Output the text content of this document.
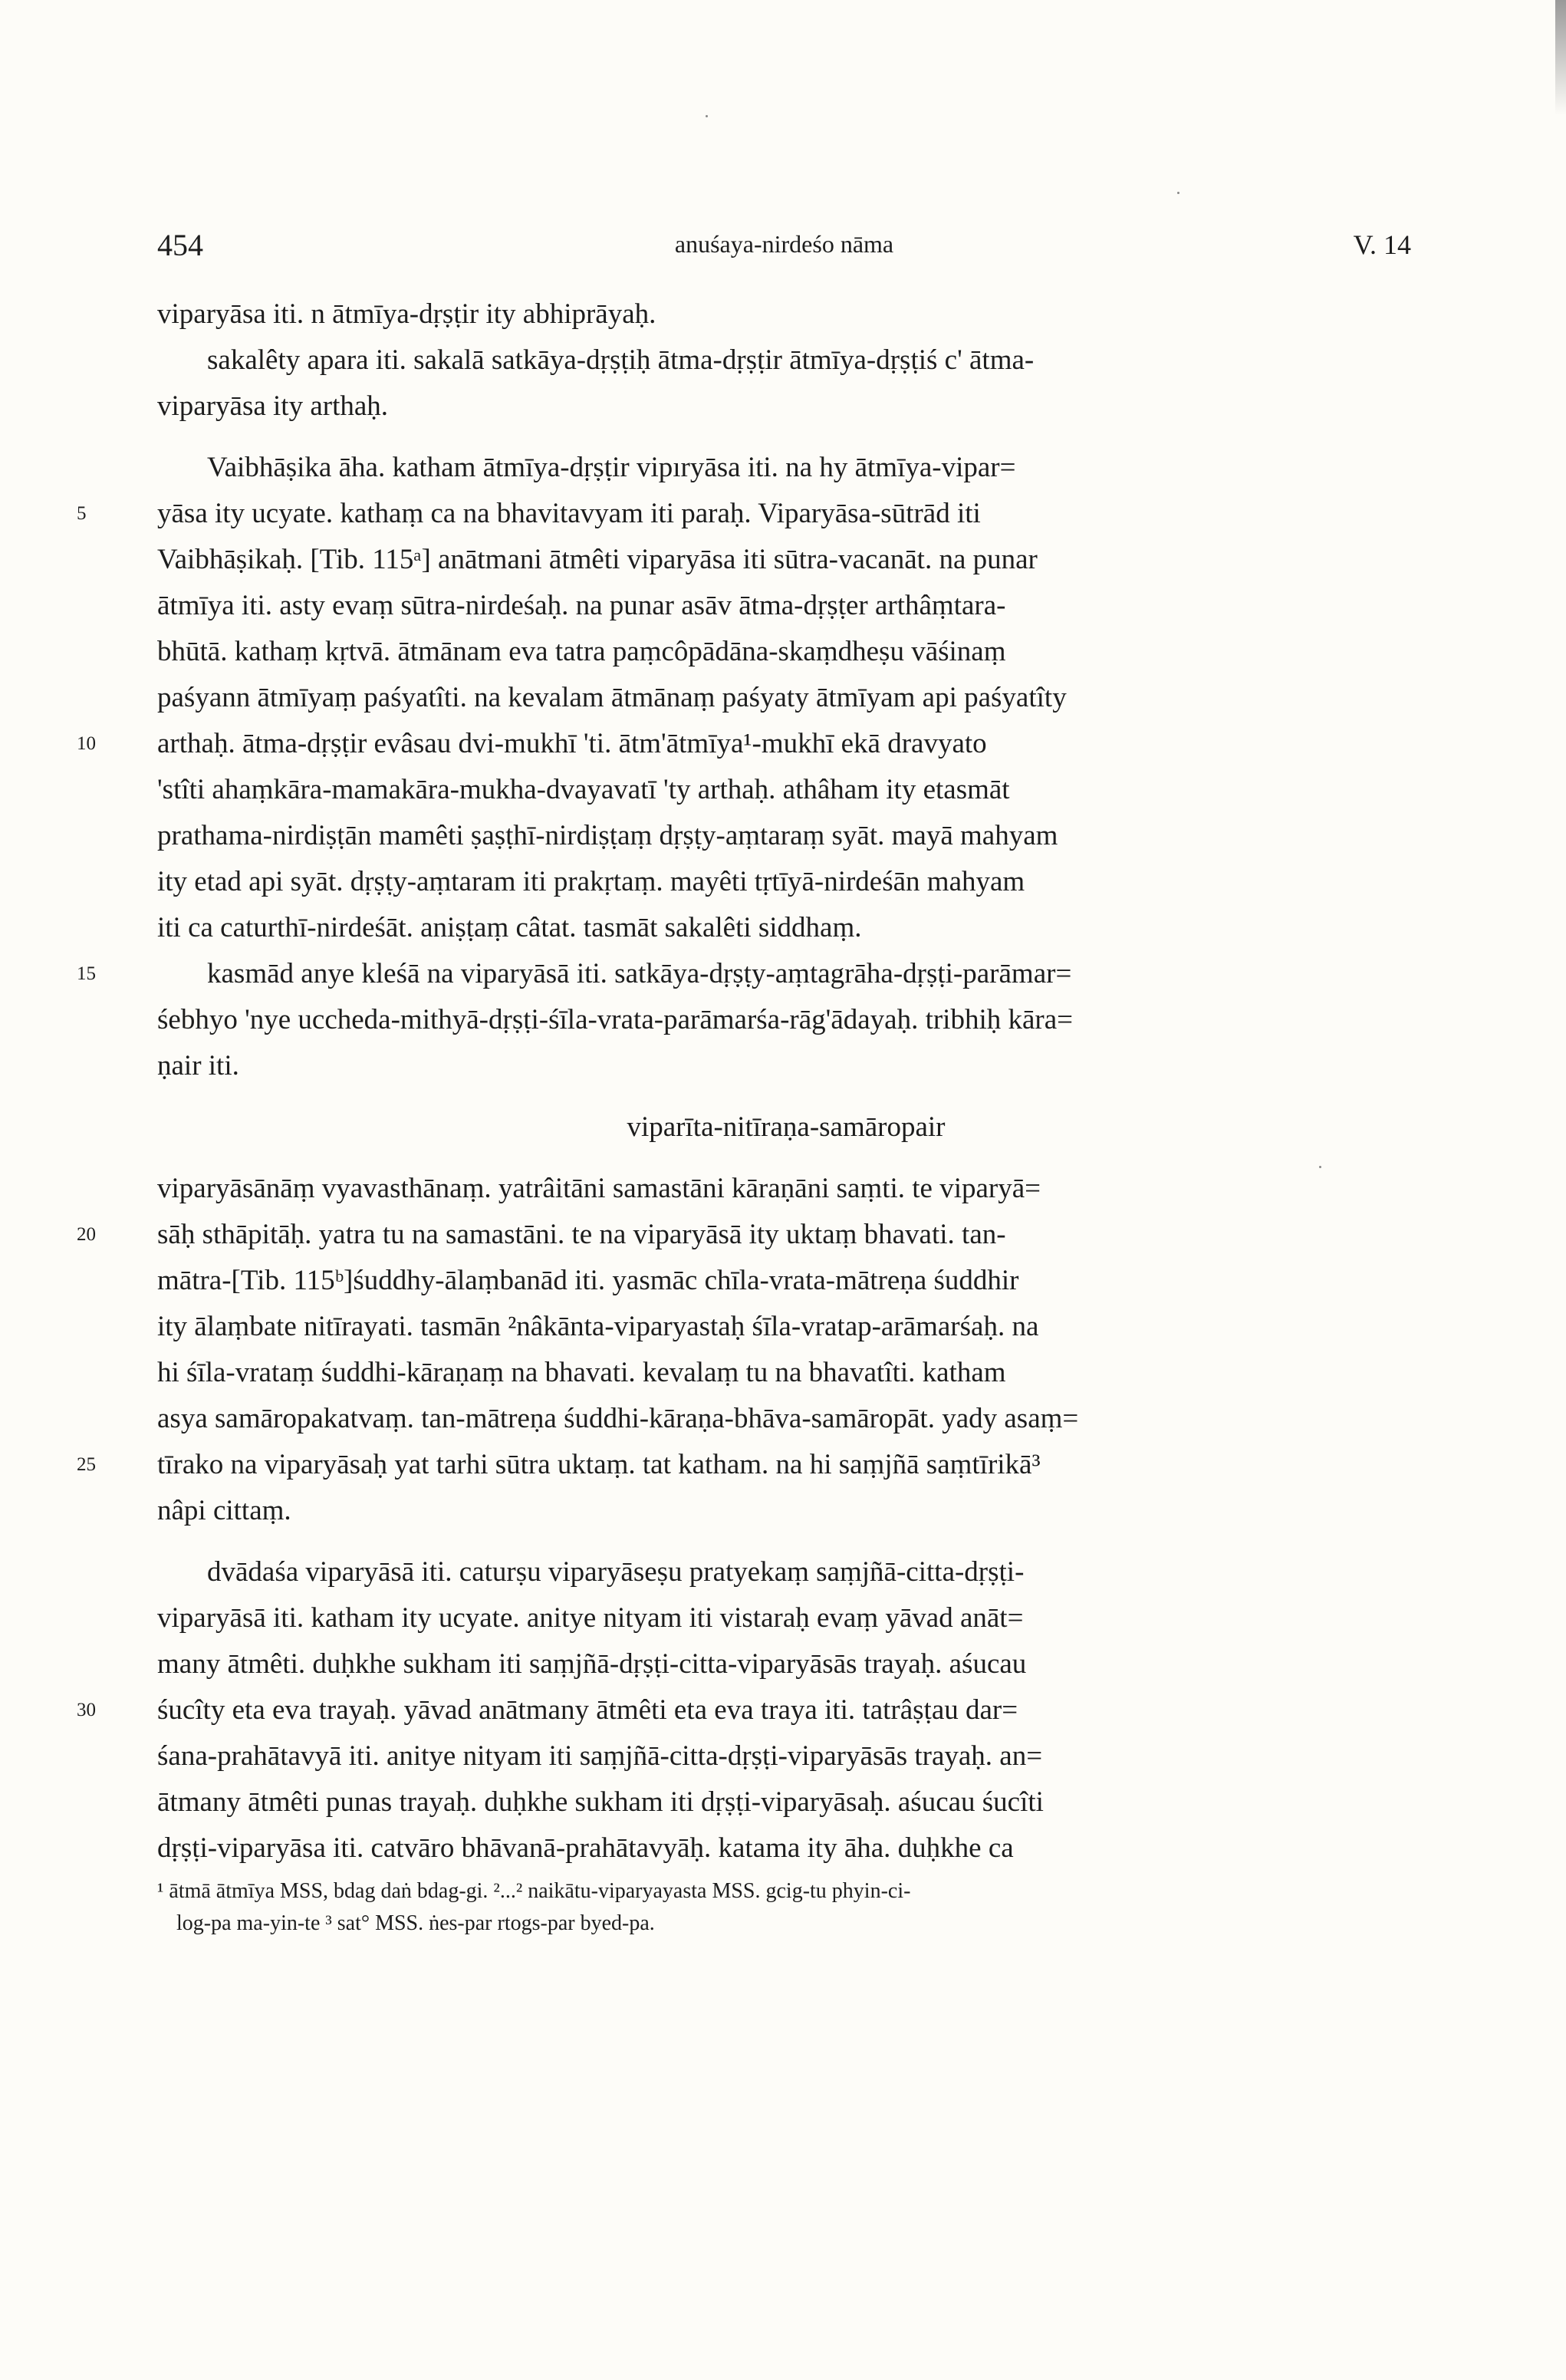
454	anuśaya-nirdeśo nāma	V. 14
viparyāsa iti. n ātmīya-dṛṣṭir ity abhiprāyaḥ.
sakalêty apara iti. sakalā satkāya-dṛṣṭiḥ ātma-dṛṣṭir ātmīya-dṛṣṭiś c' ātma-
viparyāsa ity arthaḥ.
Vaibhāṣika āha. katham ātmīya-dṛṣṭir vipıryāsa iti. na hy ātmīya-vipar=
yāsa ity ucyate. kathaṃ ca na bhavitavyam iti paraḥ. Viparyāsa-sūtrād iti
Vaibhāṣikaḥ. [Tib. 115ᵃ] anātmani ātmêti viparyāsa iti sūtra-vacanāt. na punar
ātmīya iti. asty evaṃ sūtra-nirdeśaḥ. na punar asāv ātma-dṛṣṭer arthâṃtara-
bhūtā. kathaṃ kṛtvā. ātmānam eva tatra paṃcôpādāna-skaṃdheṣu vāśinaṃ
paśyann ātmīyaṃ paśyatîti. na kevalam ātmānaṃ paśyaty ātmīyam api paśyatîty
arthaḥ. ātma-dṛṣṭir evâsau dvi-mukhī 'ti. ātm'ātmīya¹-mukhī ekā dravyato
'stîti ahaṃkāra-mamakāra-mukha-dvayavatī 'ty arthaḥ. athâham ity etasmāt
prathama-nirdiṣṭān mamêti ṣaṣṭhī-nirdiṣṭaṃ dṛṣṭy-aṃtaraṃ syāt. mayā mahyam
ity etad api syāt. dṛṣṭy-aṃtaram iti prakṛtaṃ. mayêti tṛtīyā-nirdeśān mahyam
iti ca caturthī-nirdeśāt. aniṣṭaṃ câtat. tasmāt sakalêti siddhaṃ.
kasmād anye kleśā na viparyāsā iti. satkāya-dṛṣṭy-aṃtagrāha-dṛṣṭi-parāmar=
śebhyo 'nye uccheda-mithyā-dṛṣṭi-śīla-vrata-parāmarśa-rāg'ādayaḥ. tribhiḥ kāra=
ṇair iti.
viparīta-nitīraṇa-samāropair
viparyāsānāṃ vyavasthānaṃ. yatrâitāni samastāni kāraṇāni saṃti. te viparyā=
sāḥ sthāpitāḥ. yatra tu na samastāni. te na viparyāsā ity uktaṃ bhavati. tan-
mātra-[Tib. 115ᵇ]śuddhy-ālaṃbanād iti. yasmāc chīla-vrata-mātreṇa śuddhir
ity ālaṃbate nitīrayati. tasmān ²nâkānta-viparyastaḥ śīla-vratap-arāmarśaḥ. na
hi śīla-vrataṃ śuddhi-kāraṇaṃ na bhavati. kevalaṃ tu na bhavatîti. katham
asya samāropakatvaṃ. tan-mātreṇa śuddhi-kāraṇa-bhāva-samāropāt. yady asaṃ=
tīrako na viparyāsaḥ yat tarhi sūtra uktaṃ. tat katham. na hi saṃjñā saṃtīrikā³
nâpi cittaṃ.
dvādaśa viparyāsā iti. caturṣu viparyāseṣu pratyekaṃ saṃjñā-citta-dṛṣṭi-
viparyāsā iti. katham ity ucyate. anitye nityam iti vistaraḥ evaṃ yāvad anāt=
many ātmêti. duḥkhe sukham iti saṃjñā-dṛṣṭi-citta-viparyāsās trayaḥ. aśucau
śucîty eta eva trayaḥ. yāvad anātmany ātmêti eta eva traya iti. tatrâṣṭau dar=
śana-prahātavyā iti. anitye nityam iti saṃjñā-citta-dṛṣṭi-viparyāsās trayaḥ. an=
ātmany ātmêti punas trayaḥ. duḥkhe sukham iti dṛṣṭi-viparyāsaḥ. aśucau śucîti
dṛṣṭi-viparyāsa iti. catvāro bhāvanā-prahātavyāḥ. katama ity āha. duḥkhe ca
5
10
15
20
25
30
¹ ātmā ātmīya MSS, bdag daṅ bdag-gi. ²...² naikātu-viparyayasta MSS. gcig-tu phyin-ci-
log-pa ma-yin-te ³ sat° MSS. ṅes-par rtogs-par byed-pa.
